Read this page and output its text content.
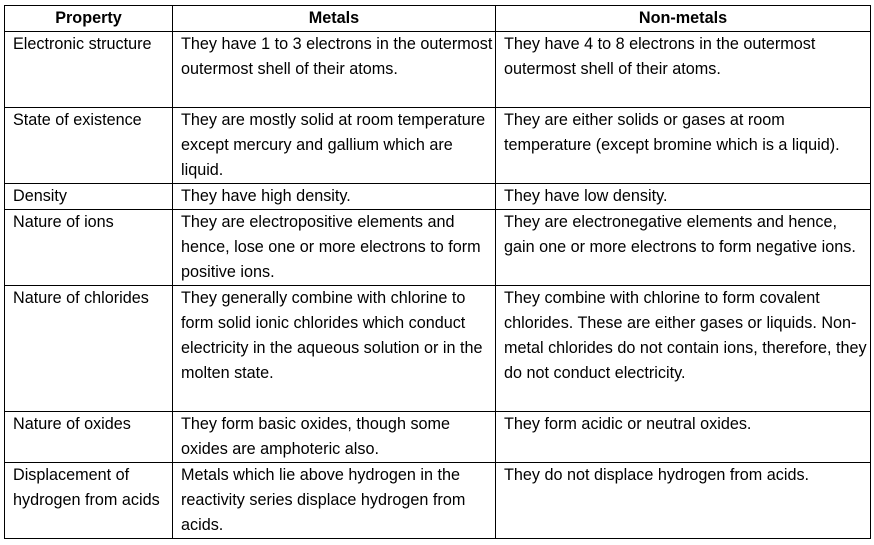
Property	Metals	Non-metals
Electronic structure	They have 1 to 3 electrons in the outermost outermost shell of their atoms.	They have 4 to 8 electrons in the outermost outermost shell of their atoms.
State of existence	They are mostly solid at room temperature except mercury and gallium which are liquid.	They are either solids or gases at room temperature (except bromine which is a liquid).
Density	They have high density.	They have low density.
Nature of ions	They are electropositive elements and hence, lose one or more electrons to form positive ions.	They are electronegative elements and hence, gain one or more electrons to form negative ions.
Nature of chlorides	They generally combine with chlorine to form solid ionic chlorides which conduct electricity in the aqueous solution or in the molten state.	They combine with chlorine to form covalent chlorides. These are either gases or liquids. Non-metal chlorides do not contain ions, therefore, they do not conduct electricity.
Nature of oxides	They form basic oxides, though some oxides are amphoteric also.	They form acidic or neutral oxides.
Displacement of hydrogen from acids	Metals which lie above hydrogen in the reactivity series displace hydrogen from acids.	They do not displace hydrogen from acids.
